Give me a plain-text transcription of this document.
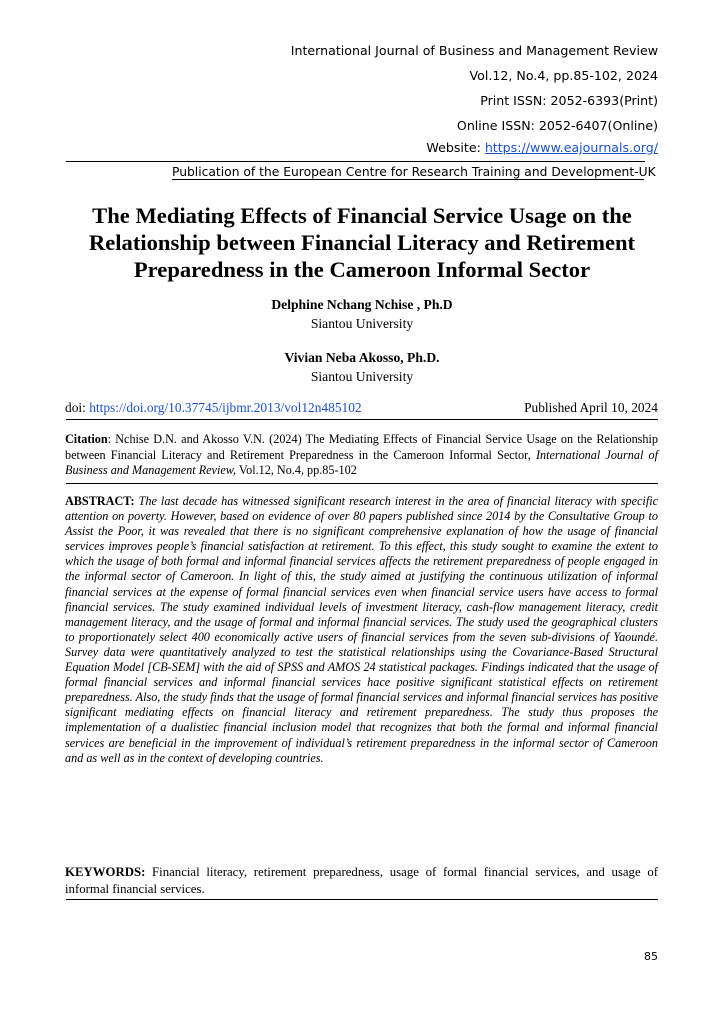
International Journal of Business and Management Review
Vol.12, No.4, pp.85-102, 2024
Print ISSN: 2052-6393(Print)
Online ISSN: 2052-6407(Online)
Website: https://www.eajournals.org/
Publication of the European Centre for Research Training and Development-UK
The Mediating Effects of Financial Service Usage on the Relationship between Financial Literacy and Retirement Preparedness in the Cameroon Informal Sector
Delphine Nchang Nchise , Ph.D
Siantou University
Vivian Neba Akosso, Ph.D.
Siantou University
doi: https://doi.org/10.37745/ijbmr.2013/vol12n485102	Published April 10, 2024
Citation: Nchise D.N. and Akosso V.N. (2024) The Mediating Effects of Financial Service Usage on the Relationship between Financial Literacy and Retirement Preparedness in the Cameroon Informal Sector, International Journal of Business and Management Review, Vol.12, No.4, pp.85-102
ABSTRACT: The last decade has witnessed significant research interest in the area of financial literacy with specific attention on poverty. However, based on evidence of over 80 papers published since 2014 by the Consultative Group to Assist the Poor, it was revealed that there is no significant comprehensive explanation of how the usage of financial services improves people’s financial satisfaction at retirement. To this effect, this study sought to examine the extent to which the usage of both formal and informal financial services affects the retirement preparedness of people engaged in the informal sector of Cameroon. In light of this, the study aimed at justifying the continuous utilization of informal financial services at the expense of formal financial services even when financial service users have access to formal financial services. The study examined individual levels of investment literacy, cash-flow management literacy, credit management literacy, and the usage of formal and informal financial services. The study used the geographical clusters to proportionately select 400 economically active users of financial services from the seven sub-divisions of Yaoundé. Survey data were quantitatively analyzed to test the statistical relationships using the Covariance-Based Structural Equation Model [CB-SEM] with the aid of SPSS and AMOS 24 statistical packages. Findings indicated that the usage of formal financial services and informal financial services hace positive significant statistical effects on retirement preparedness. Also, the study finds that the usage of formal financial services and informal financial services has positive significant mediating effects on financial literacy and retirement preparedness. The study thus proposes the implementation of a dualistiec financial inclusion model that recognizes that both the formal and informal financial services are beneficial in the improvement of individual’s retirement preparedness in the informal sector of Cameroon and as well as in the context of developing countries.
KEYWORDS: Financial literacy, retirement preparedness, usage of formal financial services, and usage of informal financial services.
85
